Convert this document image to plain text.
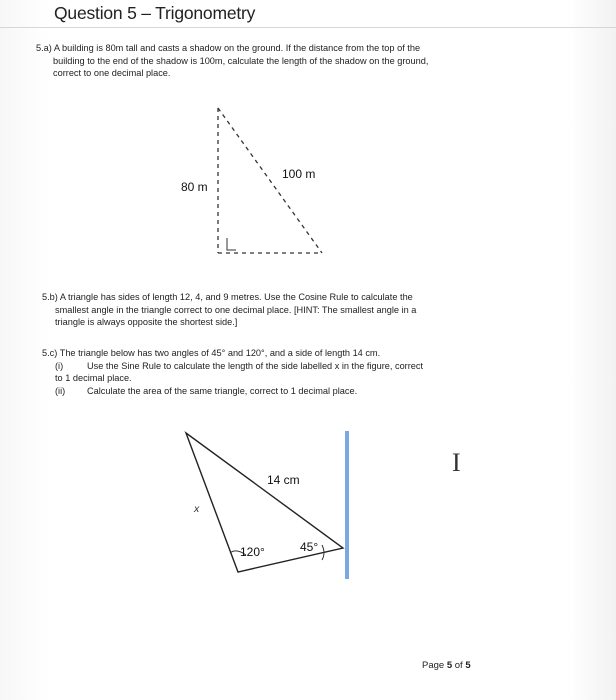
Question 5 – Trigonometry
5.a) A building is 80m tall and casts a shadow on the ground. If the distance from the top of the
building to the end of the shadow is 100m, calculate the length of the shadow on the ground,
correct to one decimal place.
80 m
100 m
5.b) A triangle has sides of length 12, 4, and 9 metres. Use the Cosine Rule to calculate the
smallest angle in the triangle correct to one decimal place. [HINT: The smallest angle in a
triangle is always opposite the shortest side.]
5.c) The triangle below has two angles of 45° and 120°, and a side of length 14 cm.
(i)	Use the Sine Rule to calculate the length of the side labelled x in the figure, correct
to 1 decimal place.
(ii) Calculate the area of the same triangle, correct to 1 decimal place.
14 cm
x
120°	45°
I
Page 5 of 5
